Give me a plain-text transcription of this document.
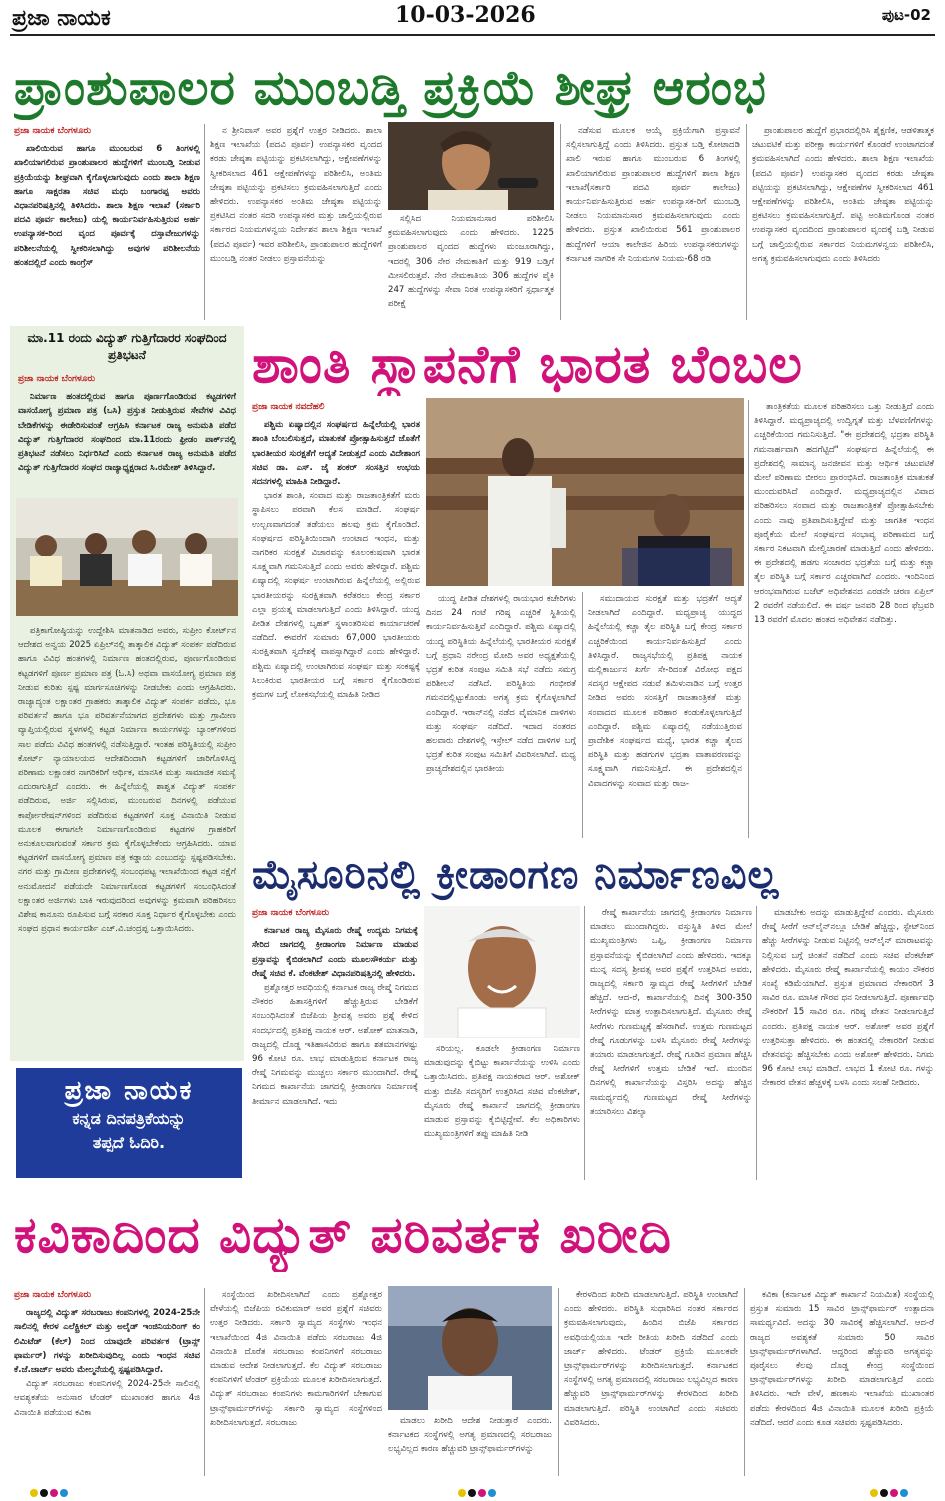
ಪ್ರಜಾ ನಾಯಕ	10-03-2026	ಪುಟ-02
ಪ್ರಾಂಶುಪಾಲರ ಮುಂಬಡ್ತಿ ಪ್ರಕ್ರಿಯೆ ಶೀಘ್ರ ಆರಂಭ
ಪ್ರಜಾ ನಾಯಕ ಬೆಂಗಳೂರು

ಖಾಲಿಯಿರುವ ಹಾಗೂ ಮುಂಬರುವ 6 ತಿಂಗಳಲ್ಲಿ ಖಾಲಿಯಾಗಲಿರುವ ಪ್ರಾಂಶುಪಾಲರ ಹುದ್ದೆಗಳಿಗೆ ಮುಂಬಡ್ತಿ ನೀಡುವ ಪ್ರಕ್ರಿಯೆಯನ್ನು ಶೀಘ್ರವಾಗಿ ಕೈಗೊಳ್ಳಲಾಗುವುದು ಎಂದು ಶಾಲಾ ಶಿಕ್ಷಣ ಹಾಗೂ ಸಾಕ್ಷರತಾ ಸಚಿವ ಮಧು ಬಂಗಾರಪ್ಪ ಅವರು ವಿಧಾನಪರಿಷತ್ತಿನಲ್ಲಿ ತಿಳಿಸಿದರು. ಶಾಲಾ ಶಿಕ್ಷಣ ಇಲಾಖೆ (ಸರ್ಕಾರಿ ಪದವಿ ಪೂರ್ವ ಕಾಲೇಜು) ಯಲ್ಲಿ ಕಾರ್ಯನಿರ್ವಹಿಸುತ್ತಿರುವ ಅರ್ಹ ಉಪನ್ಯಾಸಕ-ರಿಂದ ವೃಂದ ಪೂರ್ವಕ್ಕೆ ದಸ್ತಾವೇಜುಗಳನ್ನು ಪರಿಶೀಲನೆಯಲ್ಲಿ ಸ್ವೀಕರಿಸಲಾಗಿದ್ದು ಅವುಗಳ ಪರಿಶೀಲನೆಯ ಹಂತದಲ್ಲಿದೆ ಎಂದು ಕಾಂಗ್ರೆಸ್

ನ ಶ್ರೀನಿವಾಸ್ ಅವರ ಪ್ರಶ್ನೆಗೆ ಉತ್ತರ ನೀಡಿದರು. ಶಾಲಾ ಶಿಕ್ಷಣ ಇಲಾಖೆಯ (ಪದವಿ ಪೂರ್ವ) ಉಪನ್ಯಾಸಕರ ವೃಂದದ ಕರಡು ಜೇಷ್ಠತಾ ಪಟ್ಟಿಯನ್ನು ಪ್ರಕಟಿಸಲಾಗಿದ್ದು, ಆಕ್ಷೇಪಣೆಗಳನ್ನು ಸ್ವೀಕರಿಸಲಾದ 461 ಆಕ್ಷೇಪಣೆಗಳನ್ನು ಪರಿಶೀಲಿಸಿ, ಅಂತಿಮ ಜೇಷ್ಠತಾ ಪಟ್ಟಿಯನ್ನು ಪ್ರಕಟಿಸಲು ಕ್ರಮವಹಿಸಲಾಗುತ್ತಿದೆ ಎಂದು ಹೇಳಿದರು. ಉಪನ್ಯಾಸಕರ ಅಂತಿಮ ಜೇಷ್ಠತಾ ಪಟ್ಟಿಯನ್ನು ಪ್ರಕಟಿಸಿದ ನಂತರ ಸದರಿ ಉಪನ್ಯಾಸಕರ ಮತ್ತು ಚಾಲ್ತಿಯಲ್ಲಿರುವ ಸರ್ಕಾರದ ನಿಯಮಗಳನ್ವಯ ನಿರ್ದೇಶನ ಶಾಲಾ ಶಿಕ್ಷಣ ಇಲಾಖೆ (ಪದವಿ ಪೂರ್ವ) ಇವರ ಪರಿಶೀಲಿಸಿ, ಪ್ರಾಂಶುಪಾಲರ ಹುದ್ದೆಗಳಿಗೆ ಮುಂಬಡ್ತಿ ನಂತರ ನೀಡಲು ಪ್ರಸ್ತಾವನೆಯನ್ನು

ಸಲ್ಲಿಸಿದ ನಿಯಮಾನುಸಾರ ಪರಿಶೀಲಿಸಿ ಕ್ರಮವಹಿಸಲಾಗುವುದು ಎಂದು ಹೇಳಿದರು. 1225 ಪ್ರಾಂಶುಪಾಲರ ವೃಂದದ ಹುದ್ದೆಗಳು ಮಂಜೂರಾಗಿದ್ದು, ಇದರಲ್ಲಿ 306 ನೇರ ನೇಮಕಾತಿಗೆ ಮತ್ತು 919 ಬಡ್ತಿಗೆ ಮೀಸಲಿರುತ್ತವೆ. ನೇರ ನೇಮಕಾತಿಯ 306 ಹುದ್ದೆಗಳ ಪೈಕಿ 247 ಹುದ್ದೆಗಳನ್ನು ಸೇವಾ ನಿರತ ಉಪನ್ಯಾಸಕರಿಗೆ ಸ್ಪರ್ಧಾತ್ಮಕ ಪರೀಕ್ಷೆ

ನಡೆಸುವ ಮೂಲಕ ಆಯ್ಕೆ ಪ್ರಕ್ರಿಯೆಗಾಗಿ ಪ್ರಸ್ತಾವನೆ ಸಲ್ಲಿಸಲಾಗುತ್ತಿದ್ದೆ ಎಂದು ತಿಳಿಸಿದರು. ಪ್ರಸ್ತುತ ಬಡ್ತಿ ಕೋಟಾದಡಿ ಖಾಲಿ ಇರುವ ಹಾಗೂ ಮುಂಬರುವ 6 ತಿಂಗಳಲ್ಲಿ ಖಾಲಿಯಾಗಲಿರುವ ಪ್ರಾಂಶುಪಾಲರ ಹುದ್ದೆಗಳಿಗೆ ಶಾಲಾ ಶಿಕ್ಷಣ ಇಲಾಖೆ(ಸರ್ಕಾರಿ ಪದವಿ ಪೂರ್ವ ಕಾಲೇಜು) ಕಾರ್ಯನಿರ್ವಹಿಸುತ್ತಿರುವ ಅರ್ಹ ಉಪನ್ಯಾಸಕ-ರಿಗೆ ಮುಂಬಡ್ತಿ ನೀಡಲು ನಿಯಮಾನುಸಾರ ಕ್ರಮವಹಿಸಲಾಗುವುದು ಎಂದು ಹೇಳಿದರು. ಪ್ರಸ್ತುತ ಖಾಲಿಯಿರುವ 561 ಪ್ರಾಂಶುಪಾಲರ ಹುದ್ದೆಗಳಿಗೆ ಆಯಾ ಕಾಲೇಜಿನ ಹಿರಿಯ ಉಪನ್ಯಾಸಕರುಗಳನ್ನು ಕರ್ನಾಟಕ ನಾಗರಿಕ ಸೇ ನಿಯಮಗಳ ನಿಯಮ-68 ರಡಿ

ಪ್ರಾಂಶುಪಾಲರ ಹುದ್ದೆಗೆ ಪ್ರಭಾರದಲ್ಲಿರಿಸಿ ಶೈಕ್ಷಣಿಕ, ಆಡಳಿತಾತ್ಮಕ ಚಟುವಟಿಕೆ ಮತ್ತು ಪರೀಕ್ಷಾ ಕಾರ್ಯಗಳಿಗೆ ಕೊಂಡರೆ ಉಂಟಾಗದಂತೆ ಕ್ರಮವಹಿಸಲಾಗಿದೆ ಎಂದು ಹೇಳಿದರು. ಶಾಲಾ ಶಿಕ್ಷಣ ಇಲಾಖೆಯ (ಪದವಿ ಪೂರ್ವ) ಉಪನ್ಯಾಸಕರ ವೃಂದದ ಕರಡು ಜೇಷ್ಠತಾ ಪಟ್ಟಿಯನ್ನು ಪ್ರಕಟಿಸಲಾಗಿದ್ದು, ಆಕ್ಷೇಪಣೆಗಳ ಸ್ವೀಕರಿಸಲಾದ 461 ಆಕ್ಷೇಪಣೆಗಳನ್ನು ಪರಿಶೀಲಿಸಿ, ಅಂತಿಮ ಜೇಷ್ಠತಾ ಪಟ್ಟಿಯನ್ನು ಪ್ರಕಟಿಸಲು ಕ್ರಮವಹಿಸಲಾಗುತ್ತಿದೆ. ಪಟ್ಟಿ ಅಂತಿಮಗೊಂಡ ನಂತರ ಉಪನ್ಯಾಸಕರ ವೃಂದದಿಂದ ಪ್ರಾಂಶುಪಾಲರ ವೃಂದಕ್ಕೆ ಬಡ್ತಿ ನೀಡುವ ಬಗ್ಗೆ ಚಾಲ್ತಿಯಲ್ಲಿರುವ ಸರ್ಕಾರದ ನಿಯಮಗಳನ್ವಯ ಪರಿಶೀಲಿಸಿ, ಅಗತ್ಯ ಕ್ರಮವಹಿಸಲಾಗುವುದು ಎಂದು ತಿಳಿಸಿದರು

ಮಾ.11 ರಂದು ವಿದ್ಯುತ್ ಗುತ್ತಿಗೆದಾರರ ಸಂಘದಿಂದ ಪ್ರತಿಭಟನೆ
ಪ್ರಜಾ ನಾಯಕ ಬೆಂಗಳೂರು

ನಿರ್ಮಾಣ ಹಂತದಲ್ಲಿರುವ ಹಾಗೂ ಪೂರ್ಣಗೊಂಡಿರುವ ಕಟ್ಟಡಗಳಿಗೆ ವಾಸಯೋಗ್ಯ ಪ್ರಮಾಣ ಪತ್ರ (ಒಸಿ) ಪ್ರಸ್ತುತ ನೀಡುತ್ತಿರುವ ಸೇವೆಗಳ ವಿವಿಧ ಬೇಡಿಕೆಗಳನ್ನು ಈಡೇರಿಸುವಂತೆ ಆಗ್ರಹಿಸಿ ಕರ್ನಾಟಕ ರಾಜ್ಯ ಅನುಮತಿ ಪಡೆದ ವಿದ್ಯುತ್ ಗುತ್ತಿಗೆದಾರರ ಸಂಘದಿಂದ ಮಾ.11ರಂದು ಫ್ರೀಡಂ ಪಾರ್ಕ್‌ನಲ್ಲಿ ಪ್ರತಿಭಟನೆ ನಡೆಸಲು ನಿರ್ಧರಿಸಿದೆ ಎಂದು ಕರ್ನಾಟಕ ರಾಜ್ಯ ಅನುಮತಿ ಪಡೆದ ವಿದ್ಯುತ್ ಗುತ್ತಿಗೆದಾರರ ಸಂಘದ ರಾಜ್ಯಾಧ್ಯಕ್ಷರಾದ ಸಿ.ರಮೇಶ್ ತಿಳಿಸಿದ್ದಾರೆ.

ಪತ್ರಿಕಾಗೋಷ್ಠಿಯನ್ನು ಉದ್ದೇಶಿಸಿ ಮಾತನಾಡಿದ ಅವರು, ಸುಪ್ರೀಂ ಕೋರ್ಟ್‌ನ ಆದೇಶದ ಅನ್ವಯ 2025 ಏಪ್ರಿಲ್‌ನಲ್ಲಿ ತಾತ್ಕಾಲಿಕ ವಿದ್ಯುತ್ ಸಂಪರ್ಕ ಪಡೆದಿರುವ ಹಾಗೂ ವಿವಿಧ ಹಂತಗಳಲ್ಲಿ ನಿರ್ಮಾಣ ಹಂತದಲ್ಲಿರುವ, ಪೂರ್ಣಗೊಂಡಿರುವ ಕಟ್ಟಡಗಳಿಗೆ ಪೂರ್ಣ ಪ್ರಮಾಣ ಪತ್ರ (ಓ.ಸಿ) ಅಥವಾ ವಾಸಯೋಗ್ಯ ಪ್ರಮಾಣ ಪತ್ರ ನೀಡುವ ಕುರಿತು ಸ್ಪಷ್ಟ ಮಾರ್ಗಸೂಚಿಗಳನ್ನು ನೀಡಬೇಕು ಎಂದು ಆಗ್ರಹಿಸಿದರು. ರಾಜ್ಯಾದ್ಯಂತ ಲಕ್ಷಾಂತರ ಗ್ರಾಹಕರು ತಾತ್ಕಾಲಿಕ ವಿದ್ಯುತ್ ಸಂಪರ್ಕ ಪಡೆದು, ಭೂ ಪರಿವರ್ತನೆ ಹಾಗೂ ಭೂ ಪರಿವರ್ತನೆಯಾಗದ ಪ್ರದೇಶಗಳು ಮತ್ತು ಗ್ರಾಮೀಣ ವ್ಯಾಪ್ತಿಯಲ್ಲಿರುವ ಸ್ಥಳಗಳಲ್ಲಿ ಕಟ್ಟಡ ನಿರ್ಮಾಣ ಕಾರ್ಯಗಳನ್ನು ಬ್ಯಾಂಕ್‌ಗಳಿಂದ ಸಾಲ ಪಡೆದು ವಿವಿಧ ಹಂತಗಳಲ್ಲಿ ನಡೆಸುತ್ತಿದ್ದಾರೆ. ಇಂತಹ ಪರಿಸ್ಥಿತಿಯಲ್ಲಿ ಸುಪ್ರೀಂ ಕೋರ್ಟ್ ನ್ಯಾಯಾಲಯದ ಆದೇಶದಿಂದಾಗಿ ಕಟ್ಟಡಗಳಿಗೆ ಜಾರಿಗೊಳಿಸಿದ್ದ ಪರಿಣಾಮ ಲಕ್ಷಾಂತರ ನಾಗರಿಕರಿಗೆ ಆರ್ಥಿಕ, ಮಾನಸಿಕ ಮತ್ತು ಸಾಮಾಜಿಕ ಸಮಸ್ಯೆ ಎದುರಾಗುತ್ತಿದೆ ಎಂದರು. ಈ ಹಿನ್ನೆಲೆಯಲ್ಲಿ ಶಾಶ್ವತ ವಿದ್ಯುತ್ ಸಂಪರ್ಕ ಪಡೆದಿರುವ, ಅರ್ಜಿ ಸಲ್ಲಿಸಿರುವ, ಮುಂಬರುವ ದಿನಗಳಲ್ಲಿ ಪಡೆಯುವ ಕಾರ್ಪೋರೇಷನ್‌ಗಳಿಂದ ಪಡೆದಿರುವ ಕಟ್ಟಡಗಳಿಗೆ ಸೂಕ್ತ ವಿನಾಯಿತಿ ನೀಡುವ ಮೂಲಕ ಈಗಾಗಲೇ ನಿರ್ಮಾಣಗೊಂಡಿರುವ ಕಟ್ಟಡಗಳ ಗ್ರಾಹಕರಿಗೆ ಅನುಕೂಲವಾಗುವಂತೆ ಸರ್ಕಾರ ಕ್ರಮ ಕೈಗೊಳ್ಳಬೇಕೆಂದು ಆಗ್ರಹಿಸಿದರು. ಯಾವ ಕಟ್ಟಡಗಳಿಗೆ ವಾಸಯೋಗ್ಯ ಪ್ರಮಾಣ ಪತ್ರ ಕಡ್ಡಾಯ ಎಂಬುದನ್ನು ಸ್ಪಷ್ಟಪಡಿಸಬೇಕು. ನಗರ ಮತ್ತು ಗ್ರಾಮೀಣ ಪ್ರದೇಶಗಳಲ್ಲಿ ಸಂಬಂಧಪಟ್ಟ ಇಲಾಖೆಯಿಂದ ಕಟ್ಟಡ ನಕ್ಷೆಗೆ ಅನುಮೋದನೆ ಪಡೆಯದೇ ನಿರ್ಮಾಣಗೊಂಡ ಕಟ್ಟಡಗಳಿಗೆ ಸಂಬಂಧಿಸಿದಂತೆ ಲಕ್ಷಾಂತರ ಅರ್ಜಿಗಳು ಬಾಕಿ ಇರುವುದರಿಂದ ಅವುಗಳನ್ನು ಕ್ರಮವಾಗಿ ಪರಿಹರಿಸಲು ವಿಶೇಷ ಕಾನೂನು ರೂಪಿಸುವ ಬಗ್ಗೆ ಸರಕಾರ ಸೂಕ್ತ ನಿರ್ಧಾರ ಕೈಗೊಳ್ಳಬೇಕು ಎಂದು ಸಂಘದ ಪ್ರಧಾನ ಕಾರ್ಯದರ್ಶಿ ಎಚ್.ವಿ.ಚಂದ್ರಪ್ಪ ಒತ್ತಾಯಿಸಿದರು.

ಪ್ರಜಾ ನಾಯಕ
ಕನ್ನಡ ದಿನಪತ್ರಿಕೆಯನ್ನು
ತಪ್ಪದೆ ಓದಿರಿ.
ಶಾಂತಿ ಸ್ಥಾಪನೆಗೆ ಭಾರತ ಬೆಂಬಲ
ಪ್ರಜಾ ನಾಯಕ ನವದೆಹಲಿ

ಪಶ್ಚಿಮ ಏಷ್ಯಾದಲ್ಲಿನ ಸಂಘರ್ಷದ ಹಿನ್ನೆಲೆಯಲ್ಲಿ ಭಾರತ ಶಾಂತಿ ಬೆಂಬಲಿಸುತ್ತದೆ, ಮಾತುಕತೆ ಪ್ರೋತ್ಸಾಹಿಸುತ್ತದೆ ಜೊತೆಗೆ ಭಾರತೀಯರ ಸುರಕ್ಷತೆಗೆ ಆದ್ಯತೆ ನೀಡುತ್ತದೆ ಎಂದು ವಿದೇಶಾಂಗ ಸಚಿವ ಡಾ. ಎಸ್. ಜೈ ಶಂಕರ್ ಸಂಸತ್ತಿನ ಉಭಯ ಸದನಗಳಲ್ಲಿ ಮಾಹಿತಿ ನೀಡಿದ್ದಾರೆ.

ಭಾರತ ಶಾಂತಿ, ಸಂವಾದ ಮತ್ತು ರಾಜತಾಂತ್ರಿಕತೆಗೆ ಮರು ಸ್ಥಾಪಿಸಲು ಪರವಾಗಿ ಕೆಲಸ ಮಾಡಿದೆ. ಸಂಘರ್ಷ ಉಲ್ಬಣವಾಗದಂತೆ ತಡೆಯಲು ಹಲವು ಕ್ರಮ ಕೈಗೊಂಡಿದೆ. ಸಂಘರ್ಷದ ಪರಿಸ್ಥಿತಿಯಿಂದಾಗಿ ಉಂಟಾದ ಇಂಧನ, ಮತ್ತು ನಾಗರಿಕರ ಸುರಕ್ಷತೆ ವಿಚಾರವನ್ನು ಕೂಲಂಕುಷವಾಗಿ ಭಾರತ ಸೂಕ್ಷ್ಮವಾಗಿ ಗಮನಿಸುತ್ತಿದೆ ಎಂದು ಅವರು ಹೇಳಿದ್ದಾರೆ. ಪಶ್ಚಿಮ ಏಷ್ಯಾದಲ್ಲಿ ಸಂಘರ್ಷ ಉಂಟಾಗಿರುವ ಹಿನ್ನೆಲೆಯಲ್ಲಿ ಅಲ್ಲಿರುವ ಭಾರತೀಯರನ್ನು ಸುರಕ್ಷಿತವಾಗಿ ಕರೆತರಲು ಕೇಂದ್ರ ಸರ್ಕಾರ ಎಲ್ಲಾ ಪ್ರಯತ್ನ ಮಾಡಲಾಗುತ್ತಿದೆ ಎಂದು ತಿಳಿಸಿದ್ದಾರೆ. ಯುದ್ಧ ಪೀಡಿತ ದೇಶಗಳಲ್ಲಿ ಬೃಹತ್ ಸ್ಥಳಾಂತರಿಸುವ ಕಾರ್ಯಾಚರಣೆ ನಡೆದಿದೆ. ಈವರೆಗೆ ಸುಮಾರು 67,000 ಭಾರತೀಯರು ಸುರಕ್ಷಿತವಾಗಿ ಸ್ವದೇಶಕ್ಕೆ ವಾಪಸ್ಸಾಗಿದ್ದಾರೆ ಎಂದು ಹೇಳಿದ್ದಾರೆ. ಪಶ್ಚಿಮ ಏಷ್ಯಾದಲ್ಲಿ ಉಂಟಾಗಿರುವ ಸಂಘರ್ಷ ಮತ್ತು ಸಂಕಷ್ಟಕ್ಕೆ ಸಿಲುಕಿರುವ ಭಾರತೀಯರ ಬಗ್ಗೆ ಸರ್ಕಾರ ಕೈಗೊಂಡಿರುವ ಕ್ರಮಗಳ ಬಗ್ಗೆ ಲೋಕಸಭೆಯಲ್ಲಿ ಮಾಹಿತಿ ನೀಡಿದ

ಯುದ್ಧ ಪೀಡಿತ ದೇಶಗಳಲ್ಲಿ ರಾಯಭಾರ ಕಚೇರಿಗಳು ದಿನದ 24 ಗಂಟೆ ಗರಿಷ್ಠ ಎಚ್ಚರಿಕೆ ಸ್ಥಿತಿಯಲ್ಲಿ ಕಾರ್ಯನಿರ್ವಹಿಸುತ್ತಿವೆ ಎಂದಿದ್ದಾರೆ. ಪಶ್ಚಿಮ ಏಷ್ಯಾದಲ್ಲಿ ಯುದ್ಧ ಪರಿಸ್ಥಿತಿಯ ಹಿನ್ನೆಲೆಯಲ್ಲಿ ಭಾರತೀಯರ ಸುರಕ್ಷತೆ ಬಗ್ಗೆ ಪ್ರಧಾನಿ ನರೇಂದ್ರ ಮೋದಿ ಅವರ ಅಧ್ಯಕ್ಷತೆಯಲ್ಲಿ ಭದ್ರತೆ ಕುರಿತ ಸಂಪುಟ ಸಮಿತಿ ಸಭೆ ನಡೆದು ಸಮಗ್ರ ಪರಿಶೀಲನೆ ನಡೆಸಿದೆ. ಪರಿಸ್ಥಿತಿಯ ಗಂಭೀರತೆ ಗಮನದಲ್ಲಿಟ್ಟುಕೊಂಡು ಅಗತ್ಯ ಕ್ರಮ ಕೈಗೊಳ್ಳಲಾಗಿದೆ ಎಂದಿದ್ದಾರೆ. ಇರಾನ್‌ನಲ್ಲಿ ನಡೆದ ವೈಮಾನಿಕ ದಾಳಿಗಳು ಮತ್ತು ಸಂಘರ್ಷ ನಡೆದಿದೆ. ಇದಾದ ನಂತರದ ಹಲವಾರು ದೇಶಗಳಲ್ಲಿ ಇಸ್ರೇಲ್ ನಡೆದ ದಾಳಿಗಳ ಬಗ್ಗೆ ಭದ್ರತೆ ಕುರಿತ ಸಂಪುಟ ಸಮಿತಿಗೆ ವಿವರಿಸಲಾಗಿದೆ. ಮಧ್ಯ ಪ್ರಾಚ್ಯದೇಶದಲ್ಲಿನ ಭಾರತೀಯ

ಸಮುದಾಯದ ಸುರಕ್ಷತೆ ಮತ್ತು ಭದ್ರತೆಗೆ ಆದ್ಯತೆ ನೀಡಲಾಗಿದೆ ಎಂದಿದ್ದಾರೆ. ಮಧ್ಯಪ್ರಾಚ್ಯ ಯುದ್ಧದ ಹಿನ್ನೆಲೆಯಲ್ಲಿ ಕಚ್ಚಾ ತೈಲ ಪರಿಸ್ಥಿತಿ ಬಗ್ಗೆ ಕೇಂದ್ರ ಸರ್ಕಾರ ಎಚ್ಚರಿಕೆಯಿಂದ ಕಾರ್ಯನಿರ್ವಹಿಸುತ್ತಿದೆ ಎಂದು ತಿಳಿಸಿದ್ದಾರೆ. ರಾಜ್ಯಸಭೆಯಲ್ಲಿ ಪ್ರತಿಪಕ್ಷ ನಾಯಕ ಮಲ್ಲಿಕಾರ್ಜುನ ಖರ್ಗೆ ಸೇ-ರಿದಂತೆ ವಿರೋಧ ಪಕ್ಷದ ಸದಸ್ಯರ ಆಕ್ಷೇಪದ ನಡುವೆ ತಮಿಳುನಾಡಿನ ಬಗ್ಗೆ ಉತ್ತರ ನೀಡಿದ ಅವರು ಸಂಸತ್ತಿಗೆ ರಾಜತಾಂತ್ರಿಕತೆ ಮತ್ತು ಸಂವಾದದ ಮೂಲಕ ಪರಿಹಾರ ಕಂಡುಕೊಳ್ಳಲಾಗುತ್ತಿದೆ ಎಂದಿದ್ದಾರೆ. ಪಶ್ಚಿಮ ಏಷ್ಯಾದಲ್ಲಿ ನಡೆಯುತ್ತಿರುವ ಪ್ರಾದೇಶಿಕ ಸಂಘರ್ಷದ ಮಧ್ಯೆ, ಭಾರತ ಕಚ್ಚಾ ತೈಲದ ಪರಿಸ್ಥಿತಿ ಮತ್ತು ಹಡಗುಗಳ ಭದ್ರತಾ ವಾತಾವರಣವನ್ನು ಸೂಕ್ಷ್ಮವಾಗಿ ಗಮನಿಸುತ್ತಿದೆ. ಈ ಪ್ರದೇಶದಲ್ಲಿನ ವಿವಾದಗಳನ್ನು ಸಂವಾದ ಮತ್ತು ರಾಜ-

ತಾಂತ್ರಿಕತೆಯ ಮೂಲಕ ಪರಿಹರಿಸಲು ಒತ್ತು ನೀಡುತ್ತಿದೆ ಎಂದು ತಿಳಿಸಿದ್ದಾರೆ. ಮಧ್ಯಪ್ರಾಚ್ಯದಲ್ಲಿ ಉದ್ವಿಗ್ನತೆ ಮತ್ತು ಬೆಳವಣಿಗೆಗಳನ್ನು ಎಚ್ಚರಿಕೆಯಿಂದ ಗಮನಿಸುತ್ತಿದೆ. "ಈ ಪ್ರದೇಶದಲ್ಲಿ ಭದ್ರತಾ ಪರಿಸ್ಥಿತಿ ಗಮನಾರ್ಹವಾಗಿ ಹದಗೆಟ್ಟಿದೆ" ಸಂಘರ್ಷದ ಹಿನ್ನೆಲೆಯಲ್ಲಿ ಈ ಪ್ರದೇಶದಲ್ಲಿ ಸಾಮಾನ್ಯ ಜನಜೀವನ ಮತ್ತು ಆರ್ಥಿಕ ಚಟುವಟಿಕೆ ಮೇಲೆ ಪರಿಣಾಮ ಬೀರಲು ಪ್ರಾರಂಭಿಸಿದೆ. ರಾಜತಾಂತ್ರಿಕ ಮಾತುಕತೆ ಮುಂದುವರಿಸಿದೆ ಎಂದಿದ್ದಾರೆ. ಮಧ್ಯಪ್ರಾಚ್ಯದಲ್ಲಿನ ವಿವಾದ ಪರಿಹರಿಸಲು ಸಂವಾದ ಮತ್ತು ರಾಜತಾಂತ್ರಿಕತೆ ಪ್ರೋತ್ಸಾಹಿಸಬೇಕು ಎಂದು ನಾವು ಪ್ರತಿಪಾದಿಸುತ್ತಿದ್ದೇವೆ ಮತ್ತು ಜಾಗತಿಕ ಇಂಧನ ಪೂರೈಕೆಯ ಮೇಲೆ ಸಂಘರ್ಷದ ಸಂಭಾವ್ಯ ಪರಿಣಾಮದ ಬಗ್ಗೆ ಸರ್ಕಾರ ನಿಕಟವಾಗಿ ಮೇಲ್ವಿಚಾರಣೆ ಮಾಡುತ್ತಿದೆ ಎಂದು ಹೇಳಿದರು. ಈ ಪ್ರದೇಶದಲ್ಲಿ ಹಡಗು ಸಂಚಾರದ ಭದ್ರತೆಯ ಬಗ್ಗೆ ಮತ್ತು ಕಚ್ಚಾ ತೈಲ ಪರಿಸ್ಥಿತಿ ಬಗ್ಗೆ ಸರ್ಕಾರ ಎಚ್ಚರವಾಗಿದೆ ಎಂದರು. ಇಂದಿನಿಂದ ಆರಂಭವಾಗಿರುವ ಬಜೆಟ್ ಅಧಿವೇಶನದ ಎರಡನೇ ಚರಣ ಏಪ್ರಿಲ್ 2 ರವರೆಗೆ ನಡೆಯಲಿದೆ. ಈ ವರ್ಷ ಜನವರಿ 28 ರಿಂದ ಫೆಬ್ರವರಿ 13 ರವರೆಗೆ ಮೊದಲ ಹಂತದ ಅಧಿವೇಶನ ನಡೆದಿತ್ತು.

ಮೈಸೂರಿನಲ್ಲಿ ಕ್ರೀಡಾಂಗಣ ನಿರ್ಮಾಣವಿಲ್ಲ
ಪ್ರಜಾ ನಾಯಕ ಬೆಂಗಳೂರು

ಕರ್ನಾಟಕ ರಾಜ್ಯ ಮೈಸೂರು ರೇಷ್ಮೆ ಉದ್ಯಮ ನಿಗಮಕ್ಕೆ ಸೇರಿದ ಜಾಗದಲ್ಲಿ ಕ್ರೀಡಾಂಗಣ ನಿರ್ಮಾಣ ಮಾಡುವ ಪ್ರಸ್ತಾವನ್ನು ಕೈಬಿಡಲಾಗಿದೆ ಎಂದು ಮೂಲಸೌಕರ್ಯ ಮತ್ತು ರೇಷ್ಮೆ ಸಚಿವ ಕೆ. ವೆಂಕಟೇಶ್ ವಿಧಾನಪರಿಷತ್ತಿನಲ್ಲಿ ಹೇಳಿದರು.

ಪ್ರಶ್ನೋತ್ತರ ಅವಧಿಯಲ್ಲಿ ಕರ್ನಾಟಕ ರಾಜ್ಯ ರೇಷ್ಮೆ ನಿಗಮದ ನೌಕರರ ಹಿತಾಸಕ್ತಿಗಳಿಗೆ ಹೆಚ್ಚುತ್ತಿರುವ ಬೇಡಿಕೆಗೆ ಸಂಬಂಧಿಸಿದಂತೆ ಬಿಜೆಪಿಯ ಶ್ರೀವತ್ಸ ಅವರು ಪ್ರಶ್ನೆ ಕೇಳಿದ ಸಂದರ್ಭದಲ್ಲಿ ಪ್ರತಿಪಕ್ಷ ನಾಯಕ ಆರ್. ಅಶೋಕ್ ಮಾತನಾಡಿ, ರಾಜ್ಯದಲ್ಲಿ ದೊಡ್ಡ ಇತಿಹಾಸವಿರುವ ಹಾಗೂ ಶತಮಾನಗಳಷ್ಟು 96 ಕೋಟಿ ರೂ. ಲಾಭ ಮಾಡುತ್ತಿರುವ ಕರ್ನಾಟಕ ರಾಜ್ಯ ರೇಷ್ಮೆ ನಿಗಮವನ್ನು ಮುಚ್ಚಲು ಸರ್ಕಾರ ಮುಂದಾಗಿದೆ. ರೇಷ್ಮೆ ನಿಗಮದ ಕಾರ್ಖಾನೆಯ ಜಾಗದಲ್ಲಿ ಕ್ರೀಡಾಂಗಣ ನಿರ್ಮಾಣಕ್ಕೆ ತೀರ್ಮಾನ ಮಾಡಲಾಗಿದೆ. ಇದು

ಸರಿಯಲ್ಲ. ಕೂಡಲೇ ಕ್ರೀಡಾಂಗಣ ನಿರ್ಮಾಣ ಮಾಡುವುದನ್ನು ಕೈಬಿಟ್ಟು ಕಾರ್ಖಾನೆಯನ್ನು ಉಳಿಸಿ ಎಂದು ಒತ್ತಾಯಿಸಿದರು. ಪ್ರತಿಪಕ್ಷ ನಾಯಕರಾದ ಆರ್. ಅಶೋಕ್ ಮತ್ತು ಬಿಜೆಪಿ ಸದಸ್ಯರಿಗೆ ಉತ್ತರಿಸಿದ ಸಚಿವ ವೆಂಕಟೇಶ್, ಮೈಸೂರು ರೇಷ್ಮೆ ಕಾರ್ಖಾನೆ ಜಾಗದಲ್ಲಿ ಕ್ರೀಡಾಂಗಣ ಮಾಡುವ ಪ್ರಸ್ತಾವನ್ನು ಕೈಬಿಟ್ಟಿದ್ದೇವೆ. ಕೆಲ ಅಧಿಕಾರಿಗಳು ಮುಖ್ಯಮಂತ್ರಿಗಳಿಗೆ ತಪ್ಪು ಮಾಹಿತಿ ನೀಡಿ

ರೇಷ್ಮೆ ಕಾರ್ಖಾನೆಯ ಜಾಗದಲ್ಲಿ ಕ್ರೀಡಾಂಗಣ ನಿರ್ಮಾಣ ಮಾಡಲು ಮುಂದಾಗಿದ್ದರು. ವಸ್ತುಸ್ಥಿತಿ ತಿಳಿದ ಮೇಲೆ ಮುಖ್ಯಮಂತ್ರಿಗಳು ಒಪ್ಪಿ, ಕ್ರೀಡಾಂಗಣ ನಿರ್ಮಾಣ ಪ್ರಸ್ತಾವನೆಯನ್ನು ಕೈಬಿಡಲಾಗಿದೆ ಎಂದು ಹೇಳಿದರು. ಇದಕ್ಕೂ ಮುನ್ನ ಸದಸ್ಯ ಶ್ರೀವತ್ಸ ಅವರ ಪ್ರಶ್ನೆಗೆ ಉತ್ತರಿಸಿದ ಅವರು, ರಾಜ್ಯದಲ್ಲಿ ಸರ್ಕಾರಿ ಸ್ವಾಮ್ಯದ ರೇಷ್ಮೆ ಸೀರೆಗಳಿಗೆ ಬೇಡಿಕೆ ಹೆಚ್ಚಿದೆ. ಆದ-ರೆ, ಕಾರ್ಖಾನೆಯಲ್ಲಿ ದಿನಕ್ಕೆ 300-350 ಸೀರೆಗಳನ್ನು ಮಾತ್ರ ಉತ್ಪಾದಿಸಲಾಗುತ್ತಿದೆ. ಮೈಸೂರು ರೇಷ್ಮೆ ಸೀರೆಗಳು ಗುಣಮಟ್ಟಕ್ಕೆ ಹೆಸರಾಗಿವೆ. ಉತ್ತಮ ಗುಣಮಟ್ಟದ ರೇಷ್ಮೆ ಗೂಡುಗಳನ್ನು ಬಳಸಿ ಮೈಸೂರು ರೇಷ್ಮೆ ಸೀರೆಗಳನ್ನು ತಯಾರು ಮಾಡಲಾಗುತ್ತದೆ. ರೇಷ್ಮೆ ಗೂಡಿನ ಪ್ರಮಾಣ ಹೆಚ್ಚಿಸಿ ರೇಷ್ಮೆ ಸೀರೆಗಳಿಗೆ ಉತ್ತಮ ಬೇಡಿಕೆ ಇದೆ. ಮುಂದಿನ ದಿನಗಳಲ್ಲಿ ಕಾರ್ಖಾನೆಯನ್ನು ವಿಸ್ತರಿಸಿ ಅದನ್ನು ಹೆಚ್ಚಿನ ಸಾಮರ್ಥ್ಯದಲ್ಲಿ ಗುಣಮಟ್ಟದ ರೇಷ್ಮೆ ಸೀರೆಗಳನ್ನು ತಯಾರಿಸಲು ವಿಶಲ್ಯಾ

ಮಾಡಬೇಕು ಅದನ್ನು ಮಾಡುತ್ತಿದ್ದೇವೆ ಎಂದರು. ಮೈಸೂರು ರೇಷ್ಮೆ ಸೀರೆಗೆ ಆನ್‌ಲೈನ್‌ನಲ್ಲೂ ಬೇಡಿಕೆ ಹೆಚ್ಚಿದ್ದು, ಸ್ಟೇಟ್‌ನಿಂದ ಹೆಚ್ಚು ಸೀರೆಗಳನ್ನು ನೀಡುವ ನಿಟ್ಟಿನಲ್ಲಿ ಆನ್‌ಲೈನ್ ಮಾರಾಟವನ್ನು ನಿಲ್ಲಿಸುವ ಬಗ್ಗೆ ಚಿಂತನೆ ನಡೆದಿದೆ ಎಂದು ಸಚಿವ ವೆಂಕಟೇಶ್ ಹೇಳಿದರು. ಮೈಸೂರು ರೇಷ್ಮೆ ಕಾರ್ಖಾನೆಯಲ್ಲಿ ಕಾಯಂ ನೌಕರರ ಸಂಖ್ಯೆ ಕಡಿಮೆಯಾಗಿದೆ. ಪ್ರಸ್ತುತ ಪ್ರಮಾಣದ ನೇಕಾರರಿಗೆ 3 ಸಾವಿರ ರೂ. ಮಾಸಿಕ ಗೌರವ ಧನ ನೀಡಲಾಗುತ್ತಿದೆ. ಪೂರ್ಣಾವಧಿ ನೌಕರರಿಗೆ 15 ಸಾವಿರ ರೂ. ಗರಿಷ್ಠ ವೇತನ ನೀಡಲಾಗುತ್ತಿದೆ ಎಂದರು. ಪ್ರತಿಪಕ್ಷ ನಾಯಕ ಆರ್. ಅಶೋಕ್ ಅವರ ಪ್ರಶ್ನೆಗೆ ಉತ್ತರಿಸುತ್ತಾ ಹೇಳಿದರು. ಈ ಹಂತದಲ್ಲಿ ನೇಕಾರರಿಗೆ ನೀಡುವ ವೇತನವನ್ನು ಹೆಚ್ಚಿಸಬೇಕು ಎಂದು ಅಶೋಕ್ ಹೇಳಿದರು. ನಿಗಮ 96 ಕೋಟಿ ಲಾಭ ಮಾಡಿದೆ. ಲಾಭದ 1 ಕೋಟಿ ರೂ. ಗಳನ್ನು ನೇಕಾರರ ವೇತನ ಹೆಚ್ಚಳಕ್ಕೆ ಬಳಸಿ ಎಂದು ಸಲಹೆ ನೀಡಿದರು.

ಕವಿಕಾದಿಂದ ವಿದ್ಯುತ್ ಪರಿವರ್ತಕ ಖರೀದಿ
ಪ್ರಜಾ ನಾಯಕ ಬೆಂಗಳೂರು

ರಾಜ್ಯದಲ್ಲಿ ವಿದ್ಯುತ್ ಸರಬರಾಜು ಕಂಪನಿಗಳಲ್ಲಿ 2024-25ನೇ ಸಾಲಿನಲ್ಲಿ ಕೇರಳ ಎಲೆಕ್ಟ್ರಿಕಲ್ ಮತ್ತು ಅಲೈಡ್ ಇಂಜಿನಿಯರಿಂಗ್ ಕಂ ಲಿಮಿಟೆಡ್ (ಕೆಲ್) ನಿಂದ ಯಾವುದೇ ಪರಿವರ್ತಕ (ಟ್ರಾನ್ಸ್ ಫಾರ್ಮರ್) ಗಳನ್ನು ಖರೀದಿಸುವುದಿಲ್ಲ ಎಂದು ಇಂಧನ ಸಚಿವ ಕೆ.ಜೆ.ಜಾರ್ಜ್ ಅವರು ಮೇಲ್ಮನೆಯಲ್ಲಿ ಸ್ಪಷ್ಟಪಡಿಸಿದ್ದಾರೆ.

ವಿದ್ಯುತ್ ಸರಬರಾಜು ಕಂಪನಿಗಳಲ್ಲಿ 2024-25ನೇ ಸಾಲಿನಲ್ಲಿ ಆವಶ್ಯಕತೆಯ ಅನುಸಾರ ಟೆಂಡರ್ ಮುಖಾಂತರ ಹಾಗೂ 4ಜಿ ವಿನಾಯಿತಿ ಪಡೆಯುವ ಕವಿಕಾ

ಸಂಸ್ಥೆಯಿಂದ ಖರೀದಿಸಲಾಗಿದೆ ಎಂದು ಪ್ರಶ್ನೋತ್ತರ ವೇಳೆಯಲ್ಲಿ ಬಿಜೆಪಿಯ ರವಿಕುಮಾರ್ ಅವರ ಪ್ರಶ್ನೆಗೆ ಸಚಿವರು ಉತ್ತರ ನೀಡಿದರು. ಸರ್ಕಾರಿ ಸ್ವಾಮ್ಯದ ಸಂಸ್ಥೆಗಳು ಇಂಧನ ಇಲಾಖೆಯಿಂದ 4ಜಿ ವಿನಾಯಿತಿ ಪಡೆದು ಸರಬರಾಜು 4ಜಿ ವಿನಾಯಿತಿ ದೊರೆತ ಸರಬರಾಜು ಕಂಪನಿಗಳಿಗೆ ಸರಬರಾಜು ಮಾಡುವ ಆದೇಶ ನೀಡಲಾಗುತ್ತದೆ. ಕೆಲ ವಿದ್ಯುತ್ ಸರಬರಾಜು ಕಂಪನಿಗಳಿಗೆ ಟೆಂಡರ್ ಪ್ರಕ್ರಿಯೆಯ ಮೂಲಕ ಖರೀದಿಸಲಾಗುತ್ತದೆ. ವಿದ್ಯುತ್ ಸರಬರಾಜು ಕಂಪನಿಗಳು ಕಾಮಗಾರಿಗಳಿಗೆ ಬೇಕಾಗುವ ಟ್ರಾನ್ಸ್‌ಫಾರ್ಮರ್‌ಗಳನ್ನು ಸರ್ಕಾರಿ ಸ್ವಾಮ್ಯದ ಸಂಸ್ಥೆಗಳಿಂದ ಖರೀದಿಸಲಾಗುತ್ತದೆ. ಸರಬರಾಜು	ಮಾಡಲು ಖರೀದಿ ಆದೇಶ ನೀಡುತ್ತಾರೆ ಎಂದರು. ಕರ್ನಾಟಕದ ಸಂಸ್ಥೆಗಳಲ್ಲಿ ಅಗತ್ಯ ಪ್ರಮಾಣದಲ್ಲಿ ಸರಬರಾಜು ಲಭ್ಯವಿಲ್ಲದ ಕಾರಣ ಹೆಚ್ಚುವರಿ ಟ್ರಾನ್ಸ್‌ಫಾರ್ಮರ್‌ಗಳನ್ನು

ಕೇರಳದಿಂದ ಖರೀದಿ ಮಾಡಲಾಗುತ್ತಿದೆ. ಪರಿಸ್ಥಿತಿ ಉಂಟಾಗಿದೆ ಎಂದು ಹೇಳಿದರು. ಪರಿಸ್ಥಿತಿ ಸುಧಾರಿಸಿದ ನಂತರ ಸರ್ಕಾರದ ಕ್ರಮವಹಿಸಲಾಗುವುದು, ಹಿಂದಿನ ಬಿಜೆಪಿ ಸರ್ಕಾರದ ಅವಧಿಯಲ್ಲಿಯೂ ಇದೇ ರೀತಿಯ ಖರೀದಿ ನಡೆದಿದೆ ಎಂದು ಜಾರ್ಜ್ ಹೇಳಿದರು. ಟೆಂಡರ್ ಪ್ರಕ್ರಿಯೆ ಮೂಲಕವೇ ಟ್ರಾನ್ಸ್‌ಫಾರ್ಮರ್‌ಗಳನ್ನು ಖರೀದಿಸಲಾಗುತ್ತದೆ. ಕರ್ನಾಟಕದ ಸಂಸ್ಥೆಗಳಲ್ಲಿ ಅಗತ್ಯ ಪ್ರಮಾಣದಲ್ಲಿ ಸರಬರಾಜು ಲಭ್ಯವಿಲ್ಲದ ಕಾರಣ ಹೆಚ್ಚುವರಿ ಟ್ರಾನ್ಸ್‌ಫಾರ್ಮರ್‌ಗಳನ್ನು ಕೇರಳದಿಂದ ಖರೀದಿ ಮಾಡಲಾಗುತ್ತಿದೆ. ಪರಿಸ್ಥಿತಿ ಉಂಟಾಗಿದೆ ಎಂದು ಸಚಿವರು ವಿವರಿಸಿದರು.

ಕವಿಕಾ (ಕರ್ನಾಟಕ ವಿದ್ಯುತ್ ಕಾರ್ಖಾನೆ ನಿಯಮಿತ) ಸಂಸ್ಥೆಯಲ್ಲಿ ಪ್ರಸ್ತುತ ಸುಮಾರು 15 ಸಾವಿರ ಟ್ರಾನ್ಸ್‌ಫಾರ್ಮರ್ ಉತ್ಪಾದನಾ ಸಾಮರ್ಥ್ಯವಿದೆ. ಅದನ್ನು 30 ಸಾವಿರಕ್ಕೆ ಹೆಚ್ಚಿಸಲಾಗಿದೆ. ಆದ-ರೆ ರಾಜ್ಯದ ಅವಶ್ಯಕತೆ ಸುಮಾರು 50 ಸಾವಿರ ಟ್ರಾನ್ಸ್‌ಫಾರ್ಮರ್‌ಗಳಾಗಿದೆ. ಆದ್ದರಿಂದ ಹೆಚ್ಚುವರಿ ಅಗತ್ಯವನ್ನು ಪೂರೈಸಲು ಕೆಲವು ದೊಡ್ಡ ಕೇಂದ್ರ ಸಂಸ್ಥೆಯಿಂದ ಟ್ರಾನ್ಸ್‌ಫಾರ್ಮರ್‌ಗಳನ್ನು ಖರೀದಿ ಮಾಡಲಾಗುತ್ತಿದೆ ಎಂದು ತಿಳಿಸಿದರು. ಇದೇ ವೇಳೆ, ಹಣಕಾಸು ಇಲಾಖೆಯ ಮುಖಾಂತರ ಪಡೆದು ಕೇರಳದಿಂದ 4ಜಿ ವಿನಾಯಿತಿ ಮೂಲಕ ಖರೀದಿ ಪ್ರಕ್ರಿಯೆ ನಡೆದಿದೆ. ಆದರೆ ಎಂದು ಕೂಡ ಸಚಿವರು ಸ್ಪಷ್ಟಪಡಿಸಿದರು.
